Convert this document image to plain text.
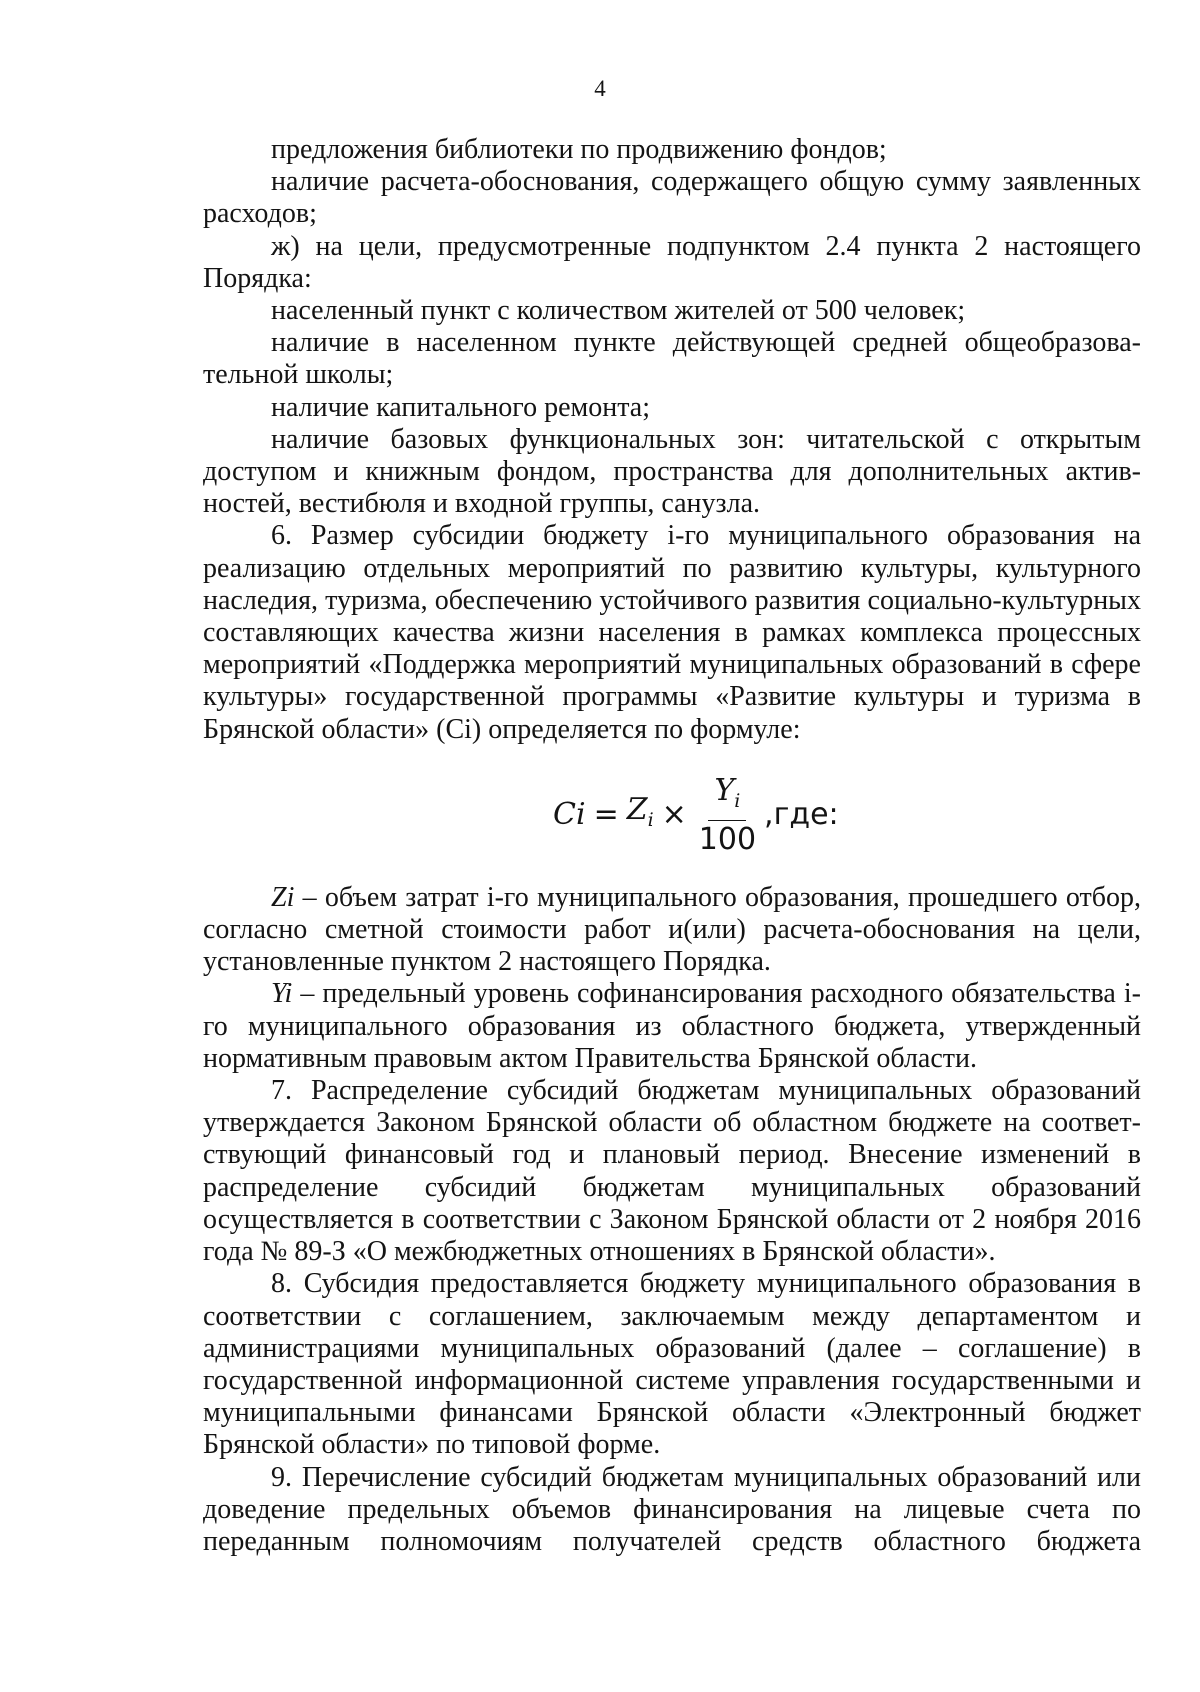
4

предложения библиотеки по продвижению фондов;

наличие расчета-обоснования, содержащего общую сумму заявленных расходов;

ж) на цели, предусмотренные подпунктом 2.4 пункта 2 настоящего Порядка:

населенный пункт с количеством жителей от 500 человек;

наличие в населенном пункте действующей средней общеобразовательной школы;

наличие капитального ремонта;

наличие базовых функциональных зон: читательской с открытым доступом и книжным фондом, пространства для дополнительных активностей, вестибюля и входной группы, санузла.

6. Размер субсидии бюджету i-го муниципального образования на реализацию отдельных мероприятий по развитию культуры, культурного наследия, туризма, обеспечению устойчивого развития социально-культурных составляющих качества жизни населения в рамках комплекса процессных мероприятий «Поддержка мероприятий муниципальных образований в сфере культуры» государственной программы «Развитие культуры и туризма в Брянской области» (Сi) определяется по формуле:

$Ci = Z_i \times \frac{Y_i}{100} ,где$:

Zi – объем затрат i-го муниципального образования, прошедшего отбор, согласно сметной стоимости работ и(или) расчета-обоснования на цели, установленные пунктом 2 настоящего Порядка.

Yi – предельный уровень софинансирования расходного обязательства i-го муниципального образования из областного бюджета, утвержденный нормативным правовым актом Правительства Брянской области.

7. Распределение субсидий бюджетам муниципальных образований утверждается Законом Брянской области об областном бюджете на соответствующий финансовый год и плановый период. Внесение изменений в распределение субсидий бюджетам муниципальных образований осуществляется в соответствии с Законом Брянской области от 2 ноября 2016 года № 89-З «О межбюджетных отношениях в Брянской области».

8. Субсидия предоставляется бюджету муниципального образования в соответствии с соглашением, заключаемым между департаментом и администрациями муниципальных образований (далее – соглашение) в государственной информационной системе управления государственными и муниципальными финансами Брянской области «Электронный бюджет Брянской области» по типовой форме.

9. Перечисление субсидий бюджетам муниципальных образований или доведение предельных объемов финансирования на лицевые счета по переданным полномочиям получателей средств областного бюджета
